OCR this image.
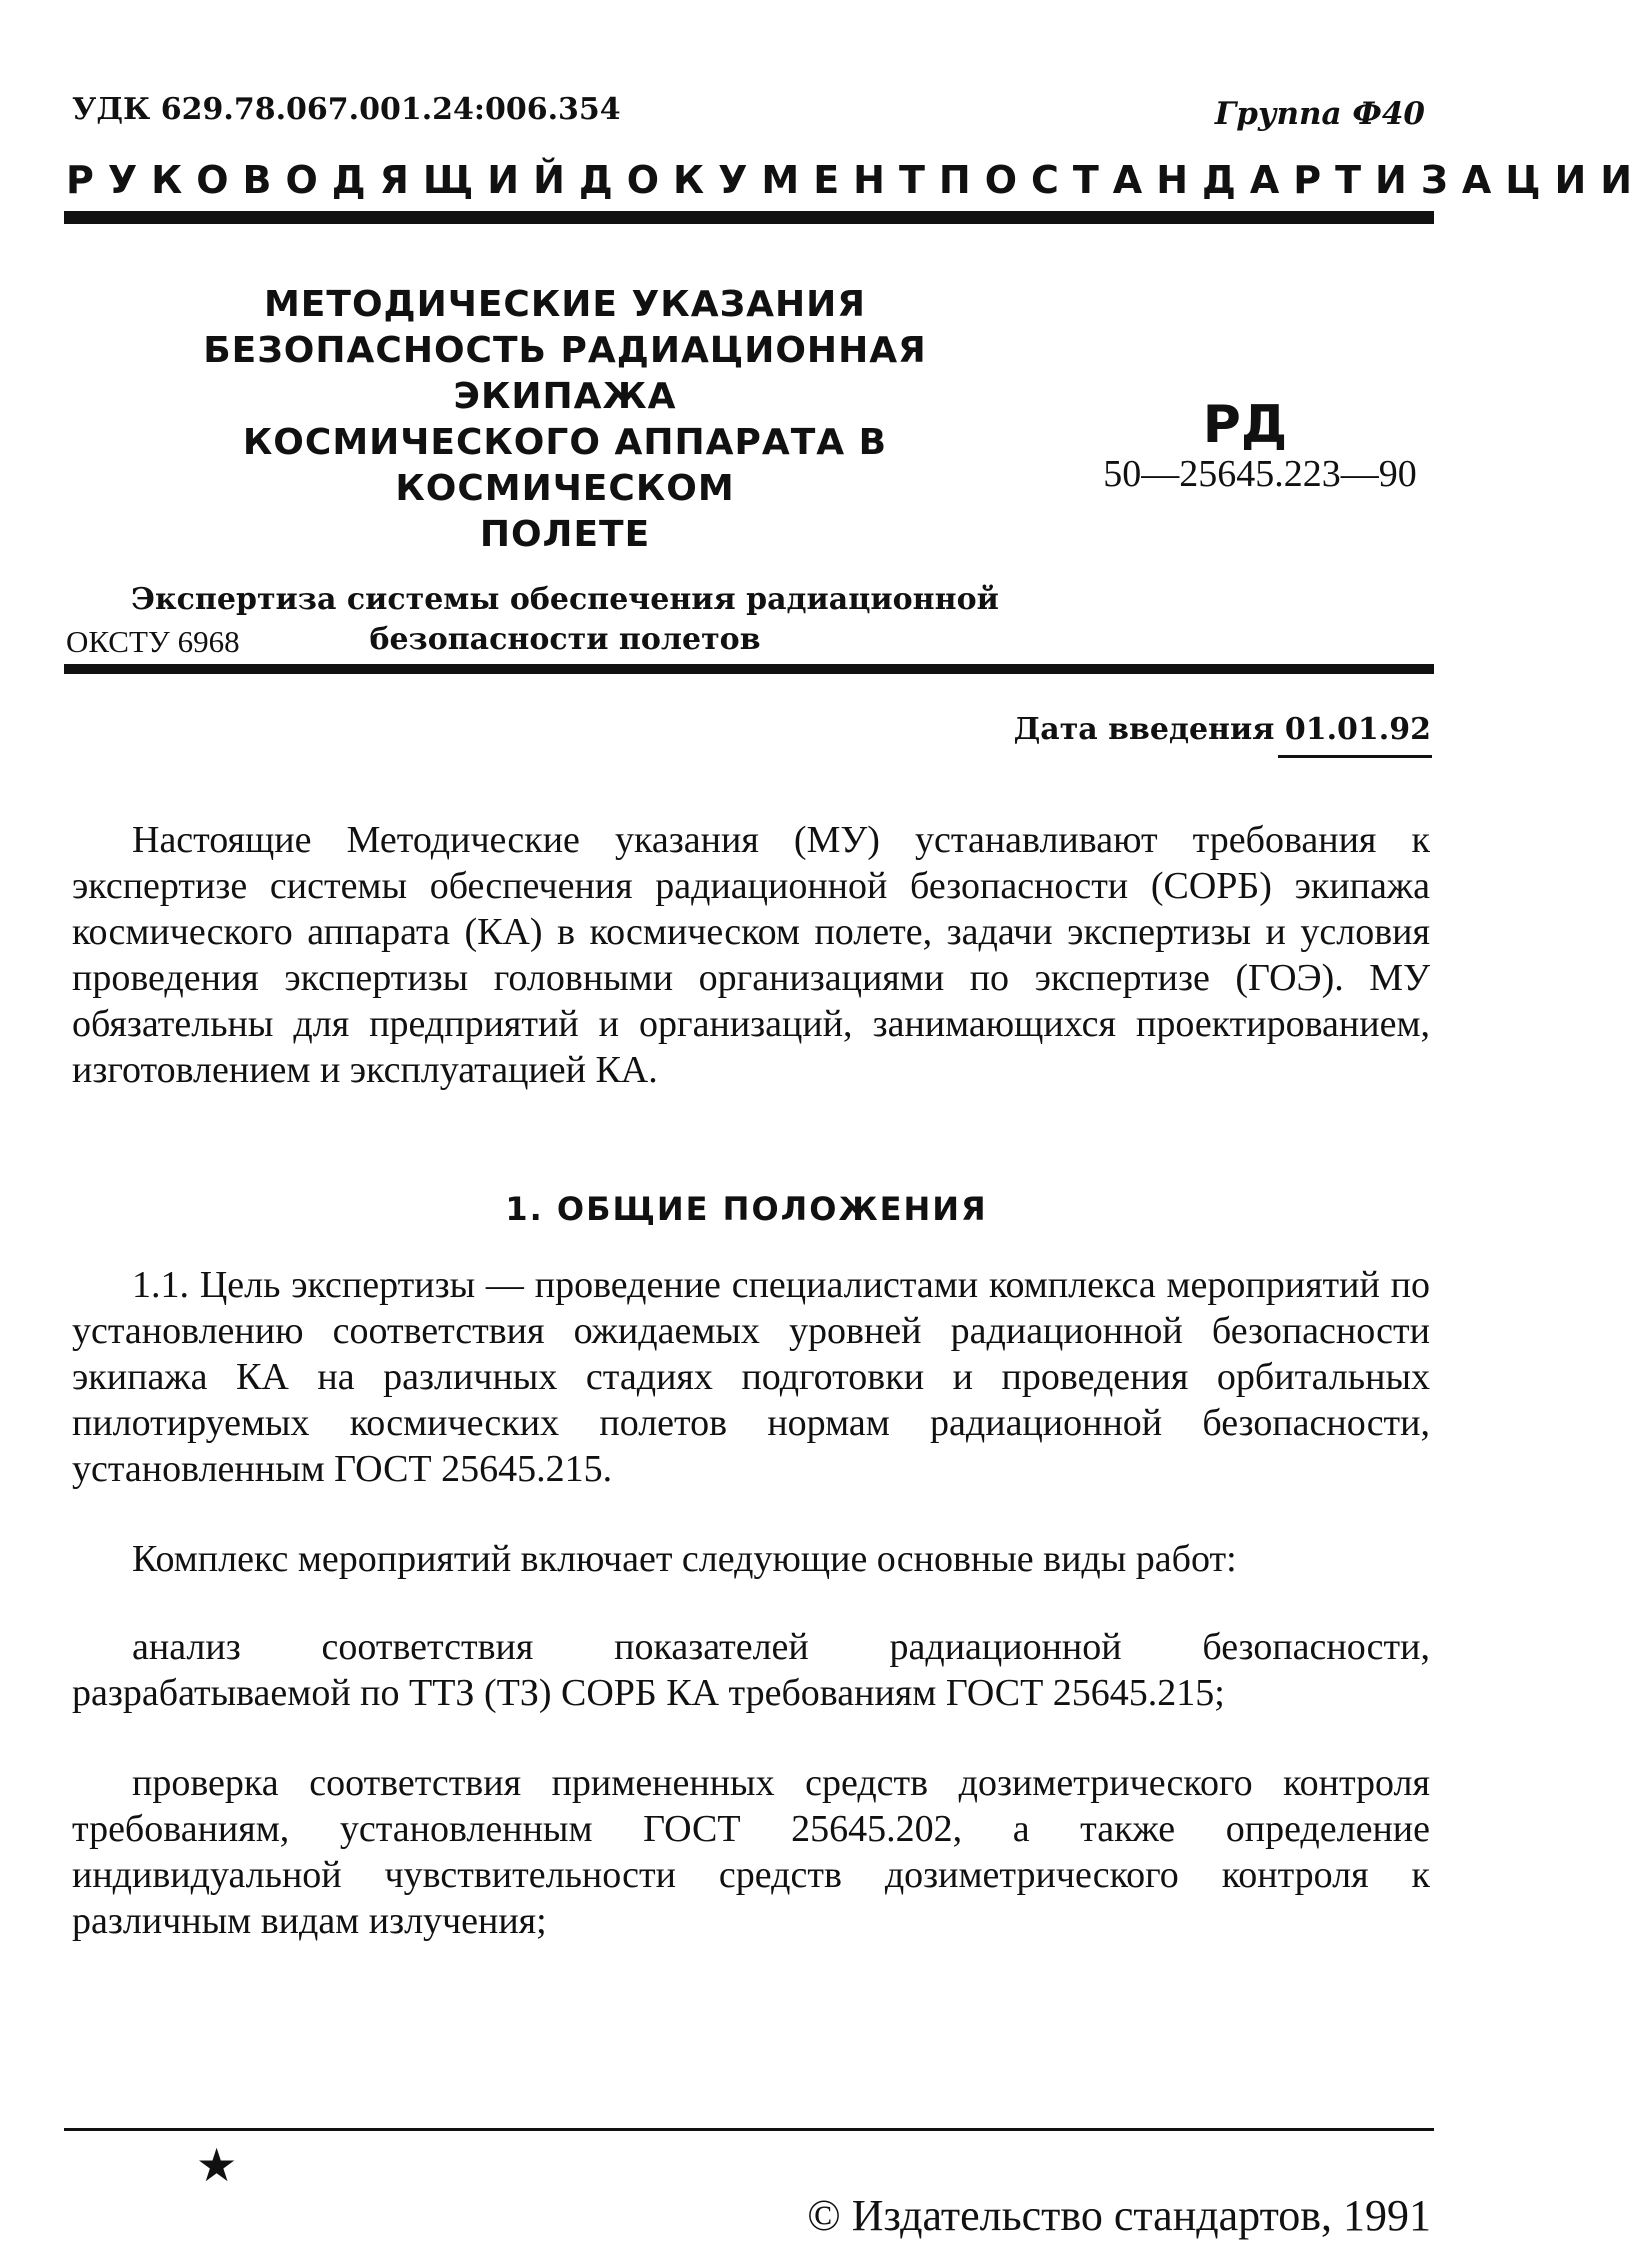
УДК 629.78.067.001.24:006.354	Группа Ф40
РУКОВОДЯЩИЙ ДОКУМЕНТ ПО СТАНДАРТИЗАЦИИ
МЕТОДИЧЕСКИЕ УКАЗАНИЯ
БЕЗОПАСНОСТЬ РАДИАЦИОННАЯ ЭКИПАЖА
КОСМИЧЕСКОГО АППАРАТА В КОСМИЧЕСКОМ
ПОЛЕТЕ
Экспертиза системы обеспечения радиационной
безопасности полетов
РД
50—25645.223—90
ОКСТУ 6968
Дата введения 01.01.92
Настоящие Методические указания (МУ) устанавливают требования к экспертизе системы обеспечения радиационной безопасности (СОРБ) экипажа космического аппарата (КА) в космическом полете, задачи экспертизы и условия проведения экспертизы головными организациями по экспертизе (ГОЭ). МУ обязательны для предприятий и организаций, занимающихся проектированием, изготовлением и эксплуатацией КА.
1. ОБЩИЕ ПОЛОЖЕНИЯ
1.1. Цель экспертизы — проведение специалистами комплекса мероприятий по установлению соответствия ожидаемых уровней радиационной безопасности экипажа КА на различных стадиях подготовки и проведения орбитальных пилотируемых космических полетов нормам радиационной безопасности, установленным ГОСТ 25645.215.
Комплекс мероприятий включает следующие основные виды работ:
анализ соответствия показателей радиационной безопасности, разрабатываемой по ТТЗ (ТЗ) СОРБ КА требованиям ГОСТ 25645.215;
проверка соответствия примененных средств дозиметрического контроля требованиям, установленным ГОСТ 25645.202, а также определение индивидуальной чувствительности средств дозиметрического контроля к различным видам излучения;
★
© Издательство стандартов, 1991
